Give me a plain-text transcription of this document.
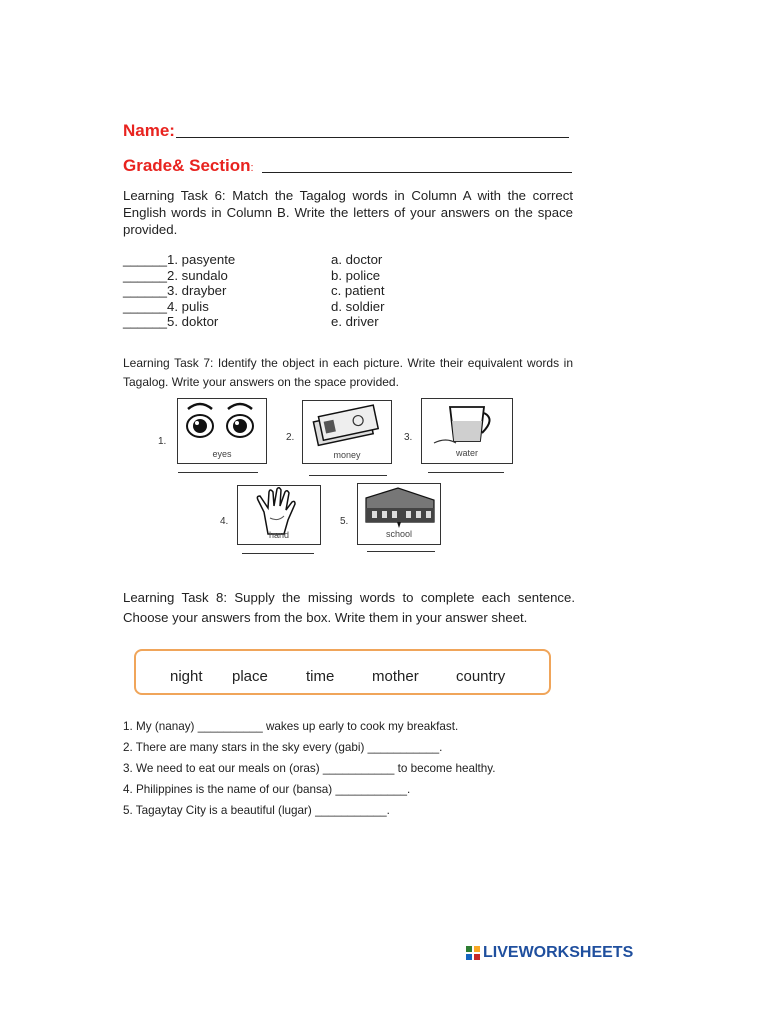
Name:
Grade& Section:
Learning Task 6: Match the Tagalog words in Column A with the correct English words in Column B. Write the letters of your answers on the space provided.
______1. pasyente
______2. sundalo
______3. drayber
______4. pulis
______5. doktor
a. doctor
b. police
c. patient
d. soldier
e. driver
Learning Task 7: Identify the object in each picture. Write their equivalent words in Tagalog. Write your answers on the space provided.
1.
eyes
2.
money
3.
water
4.
hand
5.
school
Learning Task 8: Supply the missing words to complete each sentence. Choose your answers from the box. Write them in your answer sheet.
night place	time	mother country
1. My (nanay) __________ wakes up early to cook my breakfast.
2. There are many stars in the sky every (gabi) ___________.
3. We need to eat our meals on (oras) ___________ to become healthy.
4. Philippines is the name of our (bansa) ___________.
5. Tagaytay City is a beautiful (lugar) ___________.
LIVEWORKSHEETS
